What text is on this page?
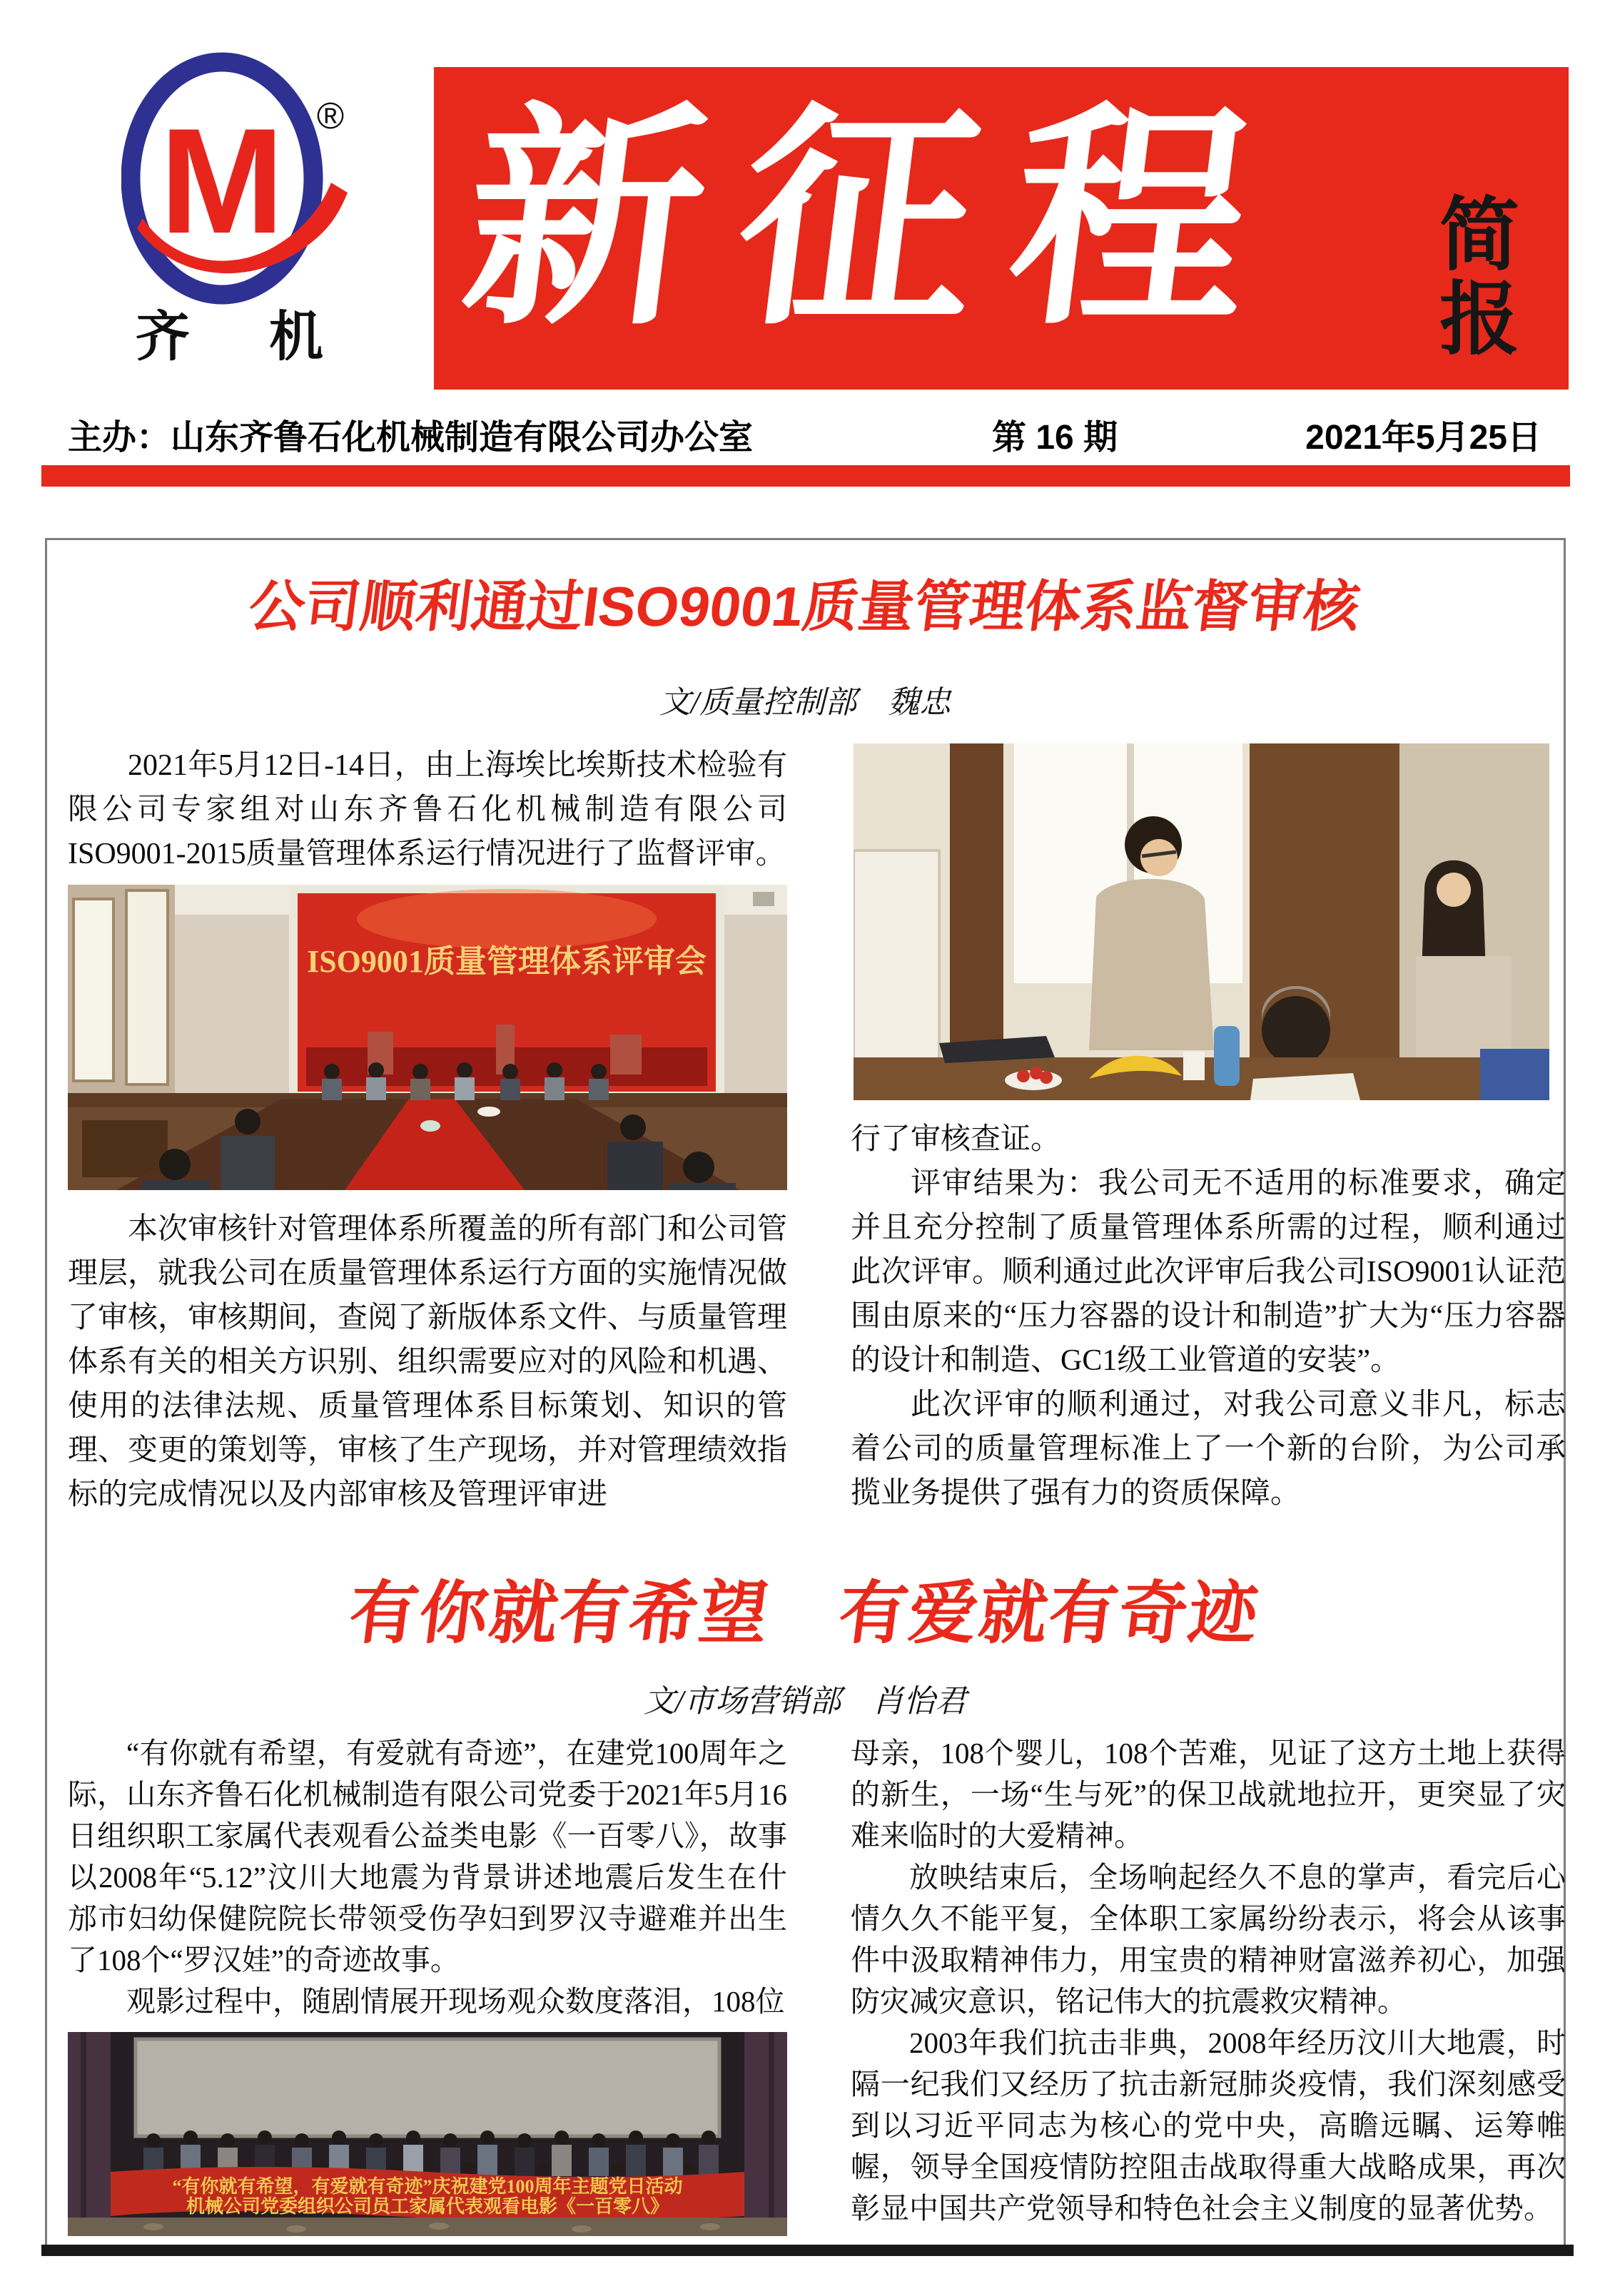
M ®
齐 机 新征程	简
报
主办：山东齐鲁石化机械制造有限公司办公室	第 16 期	2021年5月25日
公司顺利通过ISO9001质量管理体系监督审核
文/质量控制部　魏忠

2021年5月12日-14日，由上海埃比埃斯技术检验有限公司专家组对山东齐鲁石化机械制造有限公司ISO9001-2015质量管理体系运行情况进行了监督评审。

ISO9001质量管理体系评审会

本次审核针对管理体系所覆盖的所有部门和公司管理层，就我公司在质量管理体系运行方面的实施情况做了审核，审核期间，查阅了新版体系文件、与质量管理体系有关的相关方识别、组织需要应对的风险和机遇、使用的法律法规、质量管理体系目标策划、知识的管理、变更的策划等，审核了生产现场，并对管理绩效指标的完成情况以及内部审核及管理评审进

行了审核查证。

评审结果为：我公司无不适用的标准要求，确定并且充分控制了质量管理体系所需的过程，顺利通过此次评审。顺利通过此次评审后我公司ISO9001认证范围由原来的“压力容器的设计和制造”扩大为“压力容器的设计和制造、GC1级工业管道的安装”。

此次评审的顺利通过，对我公司意义非凡，标志着公司的质量管理标准上了一个新的台阶，为公司承揽业务提供了强有力的资质保障。

有你就有希望　有爱就有奇迹
文/市场营销部　肖怡君

“有你就有希望，有爱就有奇迹”，在建党100周年之际，山东齐鲁石化机械制造有限公司党委于2021年5月16日组织职工家属代表观看公益类电影《一百零八》，故事以2008年“5.12”汶川大地震为背景讲述地震后发生在什邡市妇幼保健院院长带领受伤孕妇到罗汉寺避难并出生了108个“罗汉娃”的奇迹故事。

观影过程中，随剧情展开现场观众数度落泪，108位

母亲，108个婴儿，108个苦难，见证了这方土地上获得的新生，一场“生与死”的保卫战就地拉开，更突显了灾难来临时的大爱精神。

放映结束后，全场响起经久不息的掌声，看完后心情久久不能平复，全体职工家属纷纷表示，将会从该事件中汲取精神伟力，用宝贵的精神财富滋养初心，加强防灾减灾意识，铭记伟大的抗震救灾精神。

2003年我们抗击非典，2008年经历汶川大地震，时隔一纪我们又经历了抗击新冠肺炎疫情，我们深刻感受到以习近平同志为核心的党中央，高瞻远瞩、运筹帷幄，领导全国疫情防控阻击战取得重大战略成果，再次彰显中国共产党领导和特色社会主义制度的显著优势。

“有你就有希望，有爱就有奇迹”庆祝建党100周年主题党日活动
机械公司党委组织公司员工家属代表观看电影《一百零八》
